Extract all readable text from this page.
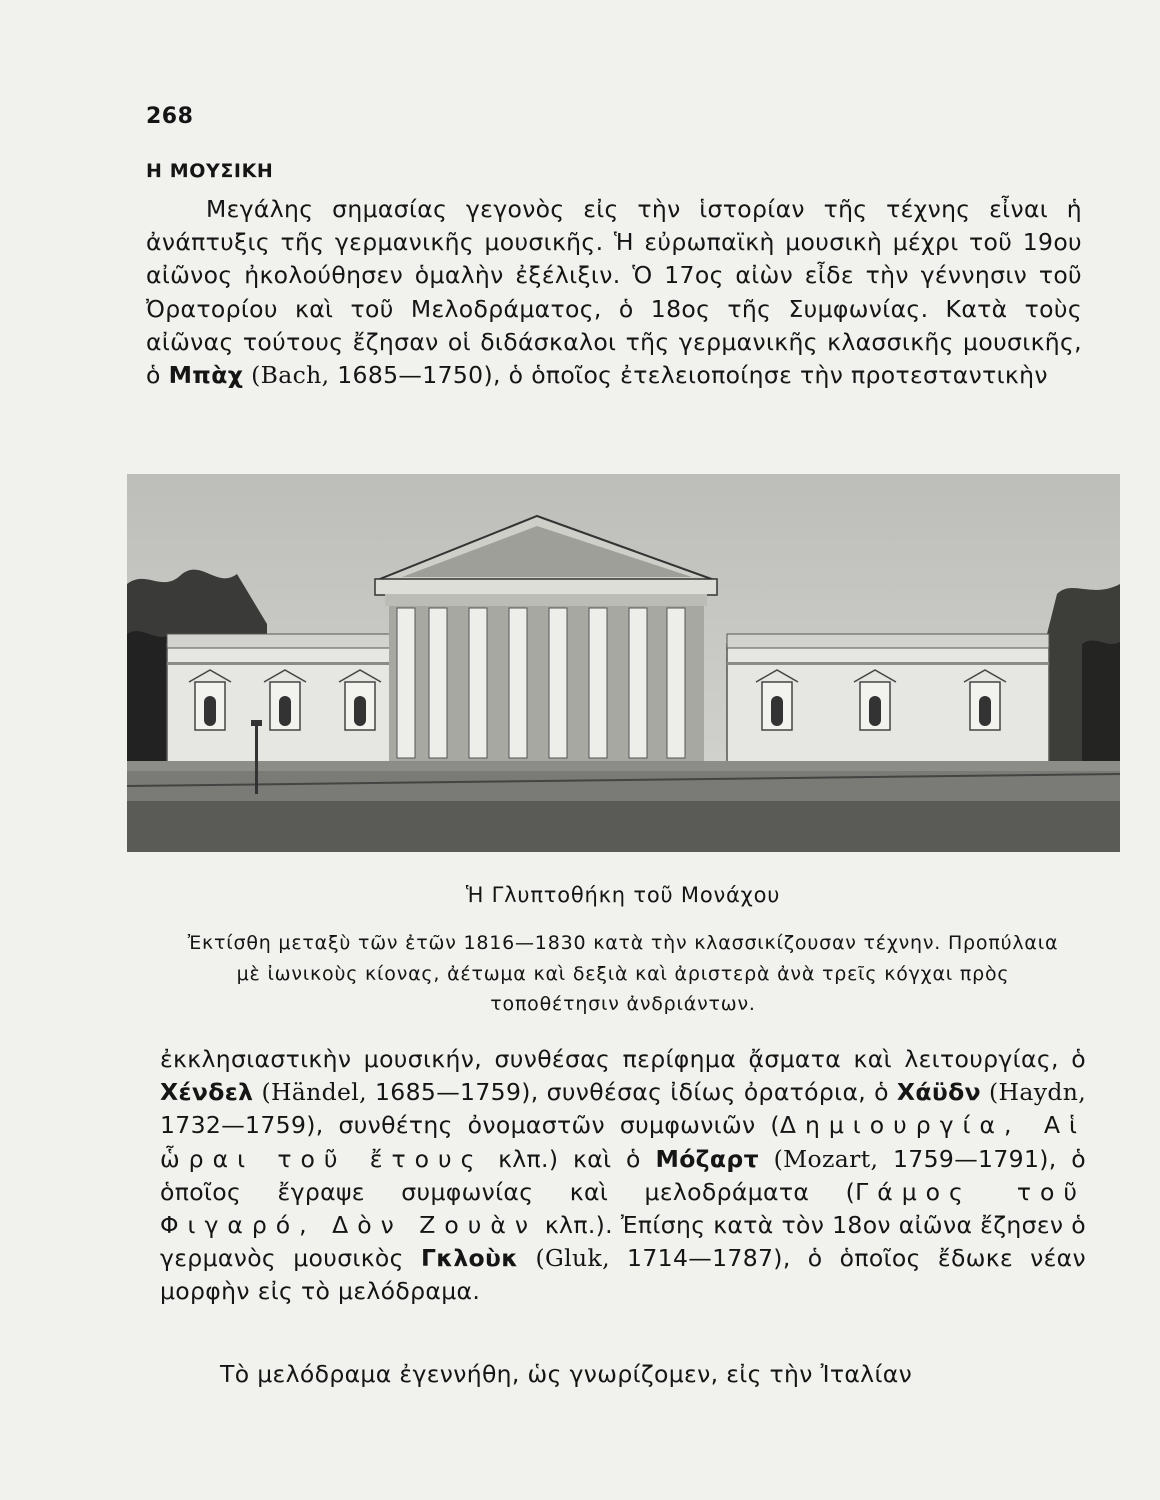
268
Η ΜΟΥΣΙΚΗ

Μεγάλης σημασίας γεγονὸς εἰς τὴν ἱστορίαν τῆς τέχνης εἶναι ἡ ἀνάπτυξις τῆς γερμανικῆς μουσικῆς. Ἡ εὐρωπαϊκὴ μουσικὴ μέχρι τοῦ 19ου αἰῶνος ἠκολούθησεν ὁμαλὴν ἐξέλιξιν. Ὁ 17ος αἰὼν εἶδε τὴν γέννησιν τοῦ Ὀρατορίου καὶ τοῦ Μελοδράματος, ὁ 18ος τῆς Συμφωνίας. Κατὰ τοὺς αἰῶνας τούτους ἔζησαν οἱ διδάσκαλοι τῆς γερμανικῆς κλασσικῆς μουσικῆς, ὁ Μπὰχ (Bach, 1685—1750), ὁ ὁποῖος ἐτελειοποίησε τὴν προτεσταντικὴν

Ἡ Γλυπτοθήκη τοῦ Μονάχου
Ἐκτίσθη μεταξὺ τῶν ἐτῶν 1816—1830 κατὰ τὴν κλασσικίζουσαν τέχνην. Προπύλαια μὲ ἰωνικοὺς κίονας, ἀέτωμα καὶ δεξιὰ καὶ ἀριστερὰ ἀνὰ τρεῖς κόγχαι πρὸς τοποθέτησιν ἀνδριάντων.

ἐκκλησιαστικὴν μουσικήν, συνθέσας περίφημα ᾄσματα καὶ λειτουργίας, ὁ Χένδελ (Händel, 1685—1759), συνθέσας ἰδίως ὀρατόρια, ὁ Χάϋδν (Haydn, 1732—1759), συνθέτης ὀνομαστῶν συμφωνιῶν (Δημιουργία, Αἱ ὧραι τοῦ ἔτους κλπ.) καὶ ὁ Μόζαρτ (Mozart, 1759—1791), ὁ ὁποῖος ἔγραψε συμφωνίας καὶ μελοδράματα (Γάμος τοῦ Φιγαρό, Δὸν Ζουὰν κλπ.). Ἐπίσης κατὰ τὸν 18ον αἰῶνα ἔζησεν ὁ γερμανὸς μουσικὸς Γκλοὺκ (Gluk, 1714—1787), ὁ ὁποῖος ἔδωκε νέαν μορφὴν εἰς τὸ μελόδραμα.

Τὸ μελόδραμα ἐγεννήθη, ὡς γνωρίζομεν, εἰς τὴν Ἰταλίαν
